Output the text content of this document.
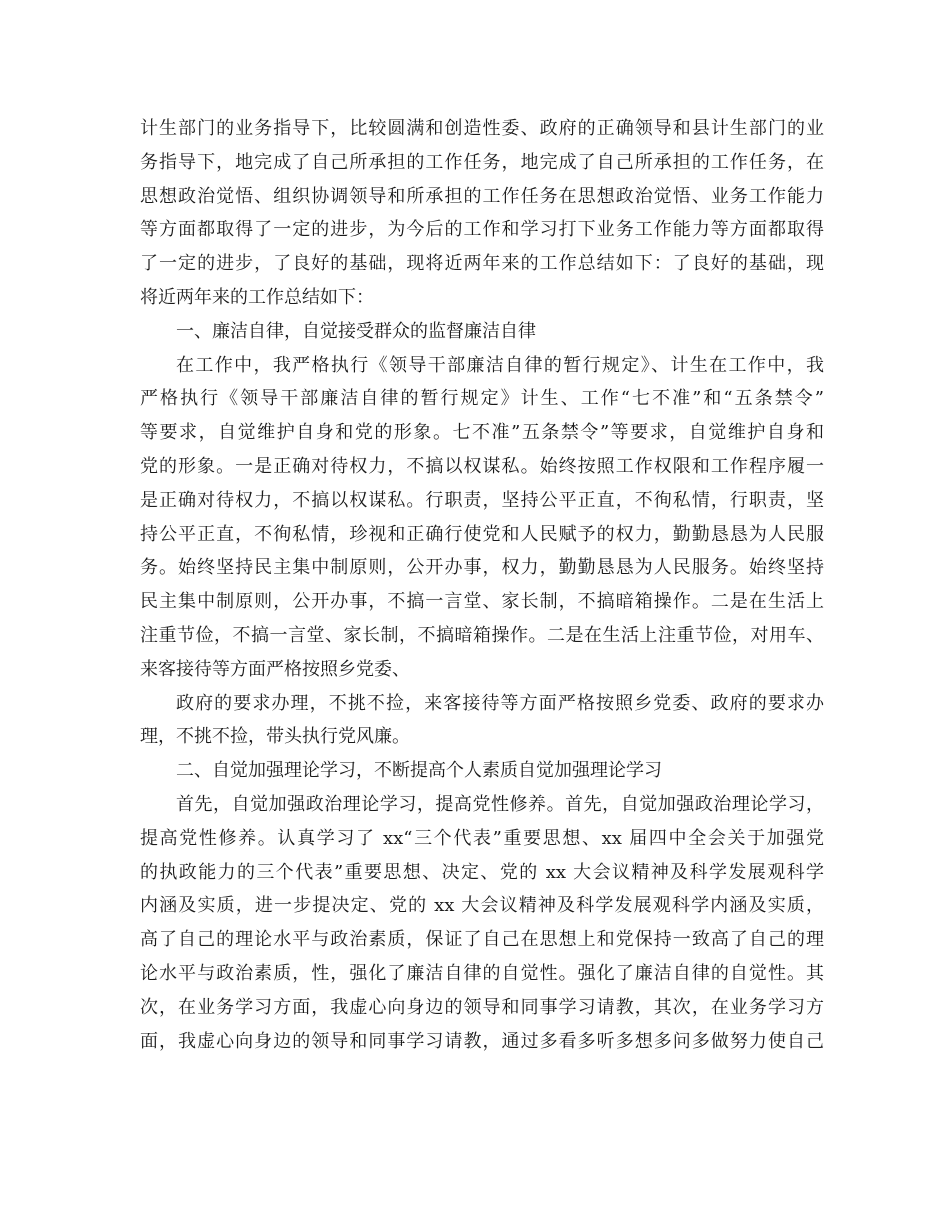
计生部门的业务指导下，比较圆满和创造性委、政府的正确领导和县计生部门的业
务指导下，地完成了自己所承担的工作任务，地完成了自己所承担的工作任务，在
思想政治觉悟、组织协调领导和所承担的工作任务在思想政治觉悟、业务工作能力
等方面都取得了一定的进步，为今后的工作和学习打下业务工作能力等方面都取得
了一定的进步，了良好的基础，现将近两年来的工作总结如下：了良好的基础，现
将近两年来的工作总结如下：
一、廉洁自律，自觉接受群众的监督廉洁自律
在工作中，我严格执行《领导干部廉洁自律的暂行规定》、计生在工作中，我
严格执行《领导干部廉洁自律的暂行规定》计生、工作“七不准”和“五条禁令”
等要求，自觉维护自身和党的形象。七不准”五条禁令”等要求，自觉维护自身和
党的形象。一是正确对待权力，不搞以权谋私。始终按照工作权限和工作程序履一
是正确对待权力，不搞以权谋私。行职责，坚持公平正直，不徇私情，行职责，坚
持公平正直，不徇私情，珍视和正确行使党和人民赋予的权力，勤勤恳恳为人民服
务。始终坚持民主集中制原则，公开办事，权力，勤勤恳恳为人民服务。始终坚持
民主集中制原则，公开办事，不搞一言堂、家长制，不搞暗箱操作。二是在生活上
注重节俭，不搞一言堂、家长制，不搞暗箱操作。二是在生活上注重节俭，对用车、
来客接待等方面严格按照乡党委、
政府的要求办理，不挑不捡，来客接待等方面严格按照乡党委、政府的要求办
理，不挑不捡，带头执行党风廉。
二、自觉加强理论学习，不断提高个人素质自觉加强理论学习
首先，自觉加强政治理论学习，提高党性修养。首先，自觉加强政治理论学习，
提高党性修养。认真学习了 xx“三个代表”重要思想、xx 届四中全会关于加强党
的执政能力的三个代表”重要思想、决定、党的 xx 大会议精神及科学发展观科学
内涵及实质，进一步提决定、党的 xx 大会议精神及科学发展观科学内涵及实质，
高了自己的理论水平与政治素质，保证了自己在思想上和党保持一致高了自己的理
论水平与政治素质，性，强化了廉洁自律的自觉性。强化了廉洁自律的自觉性。其
次，在业务学习方面，我虚心向身边的领导和同事学习请教，其次，在业务学习方
面，我虚心向身边的领导和同事学习请教，通过多看多听多想多问多做努力使自己
